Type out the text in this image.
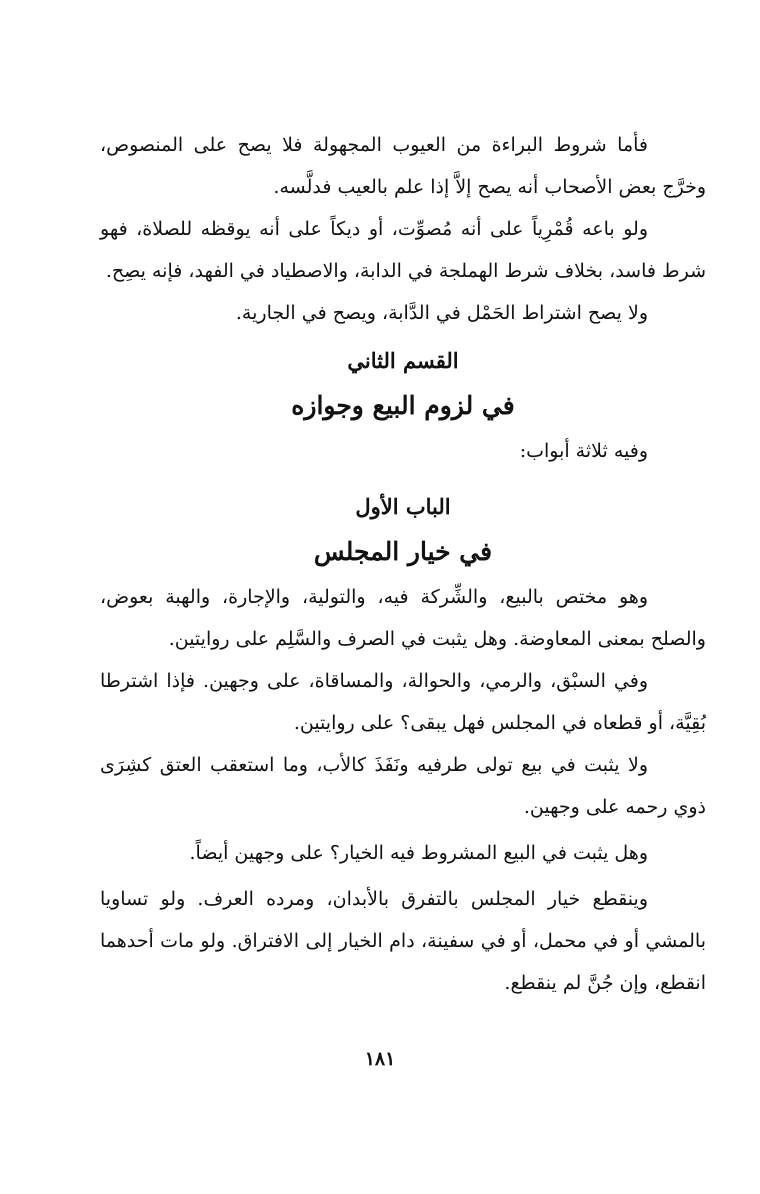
فأما شروط البراءة من العيوب المجهولة فلا يصح على المنصوص، وخرَّج بعض الأصحاب أنه يصح إلاَّ إذا علم بالعيب فدلَّسه.

ولو باعه قُمْرِياً على أنه مُصوِّت، أو ديكاً على أنه يوقظه للصلاة، فهو شرط فاسد، بخلاف شرط الهملجة في الدابة، والاصطياد في الفهد، فإنه يصِح.

ولا يصح اشتراط الحَمْل في الدَّابة، ويصح في الجارية.

القسم الثاني
في لزوم البيع وجوازه

وفيه ثلاثة أبواب:

الباب الأول
في خيار المجلس

وهو مختص بالبيع، والشِّركة فيه، والتولية، والإجارة، والهبة بعوض، والصلح بمعنى المعاوضة. وهل يثبت في الصرف والسَّلِم على روايتين.

وفي السبْق، والرمي، والحوالة، والمساقاة، على وجهين. فإذا اشترطا بُقِيَّة، أو قطعاه في المجلس فهل يبقى؟ على روايتين.

ولا يثبت في بيع تولى طرفيه ونَفَذَ كالأب، وما استعقب العتق كشِرَى ذوي رحمه على وجهين.

وهل يثبت في البيع المشروط فيه الخيار؟ على وجهين أيضاً.

وينقطع خيار المجلس بالتفرق بالأبدان، ومرده العرف. ولو تساويا بالمشي أو في محمل، أو في سفينة، دام الخيار إلى الافتراق. ولو مات أحدهما انقطع، وإن جُنَّ لم ينقطع.

١٨١
